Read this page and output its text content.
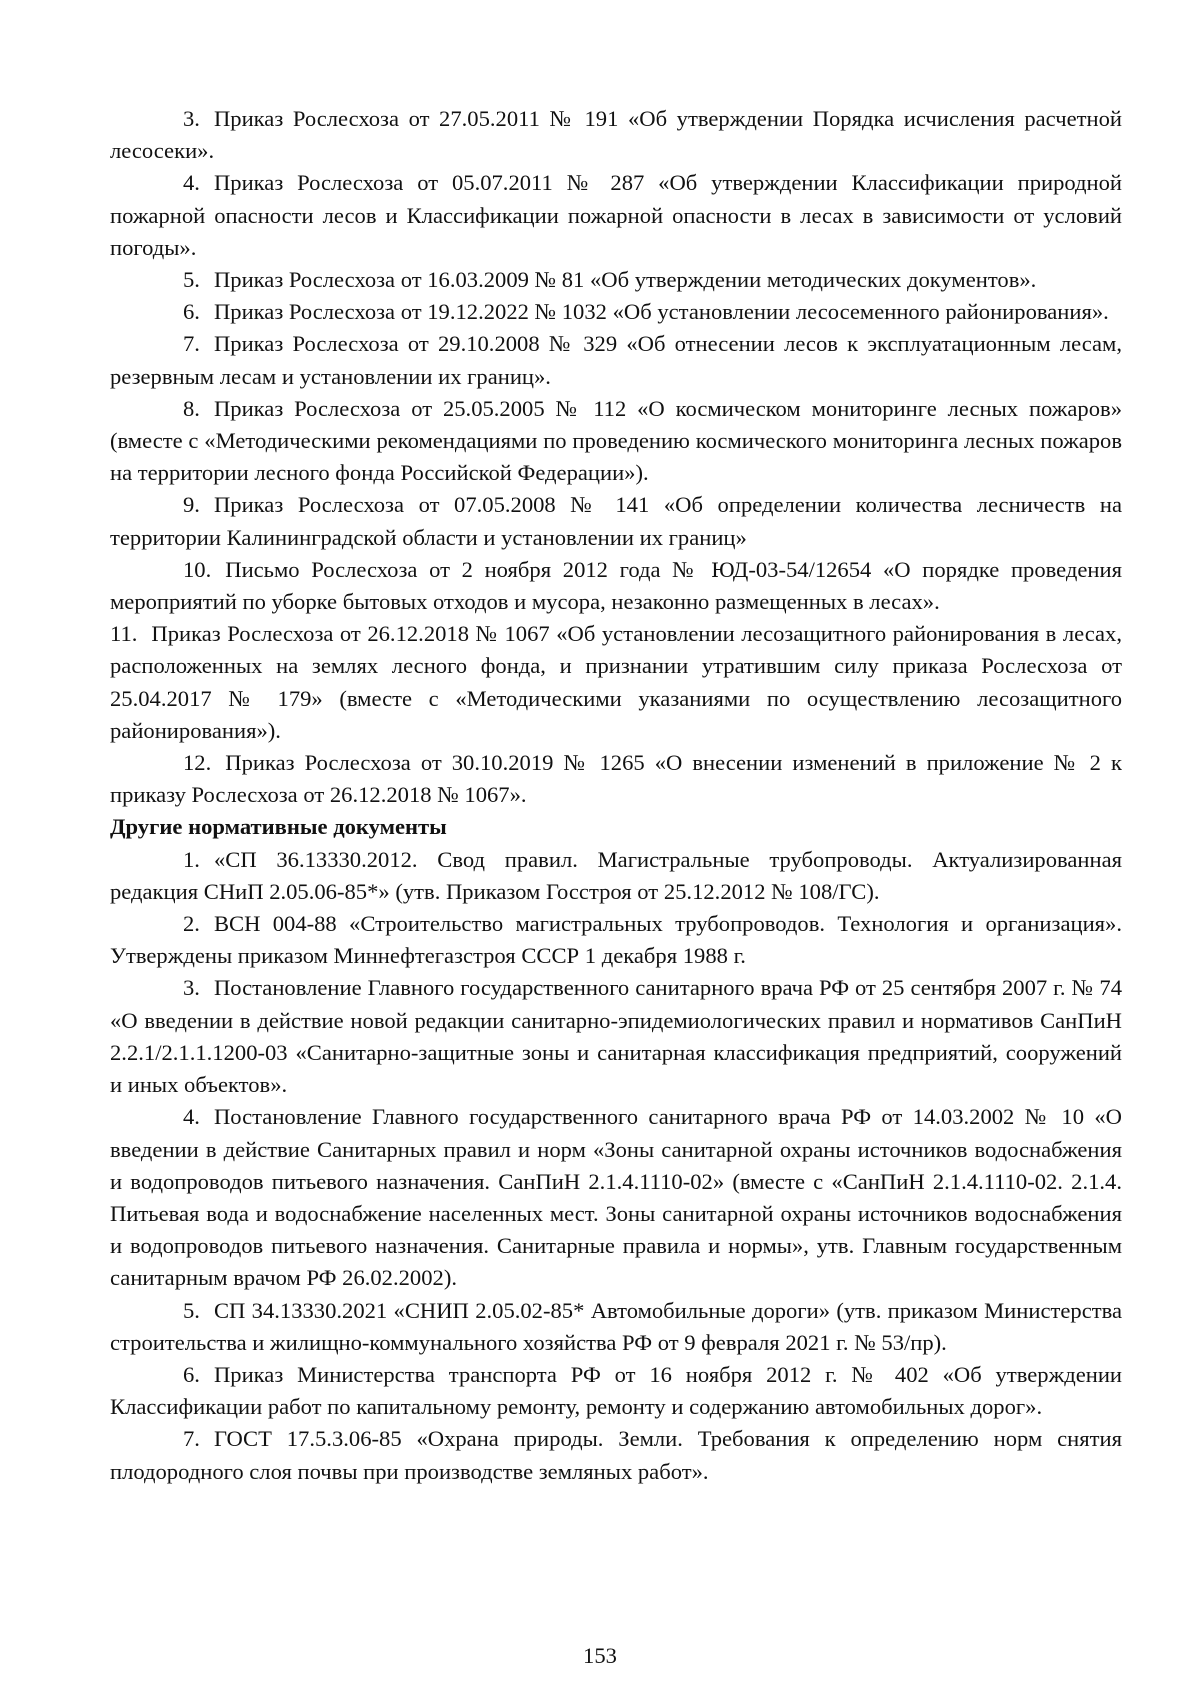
3. Приказ Рослесхоза от 27.05.2011 № 191 «Об утверждении Порядка исчисления расчетной лесосеки».

4. Приказ Рослесхоза от 05.07.2011 № 287 «Об утверждении Классификации природной пожарной опасности лесов и Классификации пожарной опасности в лесах в зависимости от условий погоды».

5. Приказ Рослесхоза от 16.03.2009 № 81 «Об утверждении методических документов».

6. Приказ Рослесхоза от 19.12.2022 № 1032 «Об установлении лесосеменного районирования».

7. Приказ Рослесхоза от 29.10.2008 № 329 «Об отнесении лесов к эксплуатационным лесам, резервным лесам и установлении их границ».

8. Приказ Рослесхоза от 25.05.2005 № 112 «О космическом мониторинге лесных пожаров» (вместе с «Методическими рекомендациями по проведению космического мониторинга лесных пожаров на территории лесного фонда Российской Федерации»).

9. Приказ Рослесхоза от 07.05.2008 № 141 «Об определении количества лесничеств на территории Калининградской области и установлении их границ»

10. Письмо Рослесхоза от 2 ноября 2012 года № ЮД-03-54/12654 «О порядке проведения мероприятий по уборке бытовых отходов и мусора, незаконно размещенных в лесах».

11. Приказ Рослесхоза от 26.12.2018 № 1067 «Об установлении лесозащитного районирования в лесах, расположенных на землях лесного фонда, и признании утратившим силу приказа Рослесхоза от 25.04.2017 № 179» (вместе с «Методическими указаниями по осуществлению лесозащитного районирования»).

12. Приказ Рослесхоза от 30.10.2019 № 1265 «О внесении изменений в приложение № 2 к приказу Рослесхоза от 26.12.2018 № 1067».

Другие нормативные документы

1. «СП 36.13330.2012. Свод правил. Магистральные трубопроводы. Актуализированная редакция СНиП 2.05.06-85*» (утв. Приказом Госстроя от 25.12.2012 № 108/ГС).

2. ВСН 004-88 «Строительство магистральных трубопроводов. Технология и организация». Утверждены приказом Миннефтегазстроя СССР 1 декабря 1988 г.

3. Постановление Главного государственного санитарного врача РФ от 25 сентября 2007 г. № 74 «О введении в действие новой редакции санитарно-эпидемиологических правил и нормативов СанПиН 2.2.1/2.1.1.1200-03 «Санитарно-защитные зоны и санитарная классификация предприятий, сооружений и иных объектов».

4. Постановление Главного государственного санитарного врача РФ от 14.03.2002 № 10 «О введении в действие Санитарных правил и норм «Зоны санитарной охраны источников водоснабжения и водопроводов питьевого назначения. СанПиН 2.1.4.1110-02» (вместе с «СанПиН 2.1.4.1110-02. 2.1.4. Питьевая вода и водоснабжение населенных мест. Зоны санитарной охраны источников водоснабжения и водопроводов питьевого назначения. Санитарные правила и нормы», утв. Главным государственным санитарным врачом РФ 26.02.2002).

5. СП 34.13330.2021 «СНИП 2.05.02-85* Автомобильные дороги» (утв. приказом Министерства строительства и жилищно-коммунального хозяйства РФ от 9 февраля 2021 г. № 53/пр).

6. Приказ Министерства транспорта РФ от 16 ноября 2012 г. № 402 «Об утверждении Классификации работ по капитальному ремонту, ремонту и содержанию автомобильных дорог».

7. ГОСТ 17.5.3.06-85 «Охрана природы. Земли. Требования к определению норм снятия плодородного слоя почвы при производстве земляных работ».

153
